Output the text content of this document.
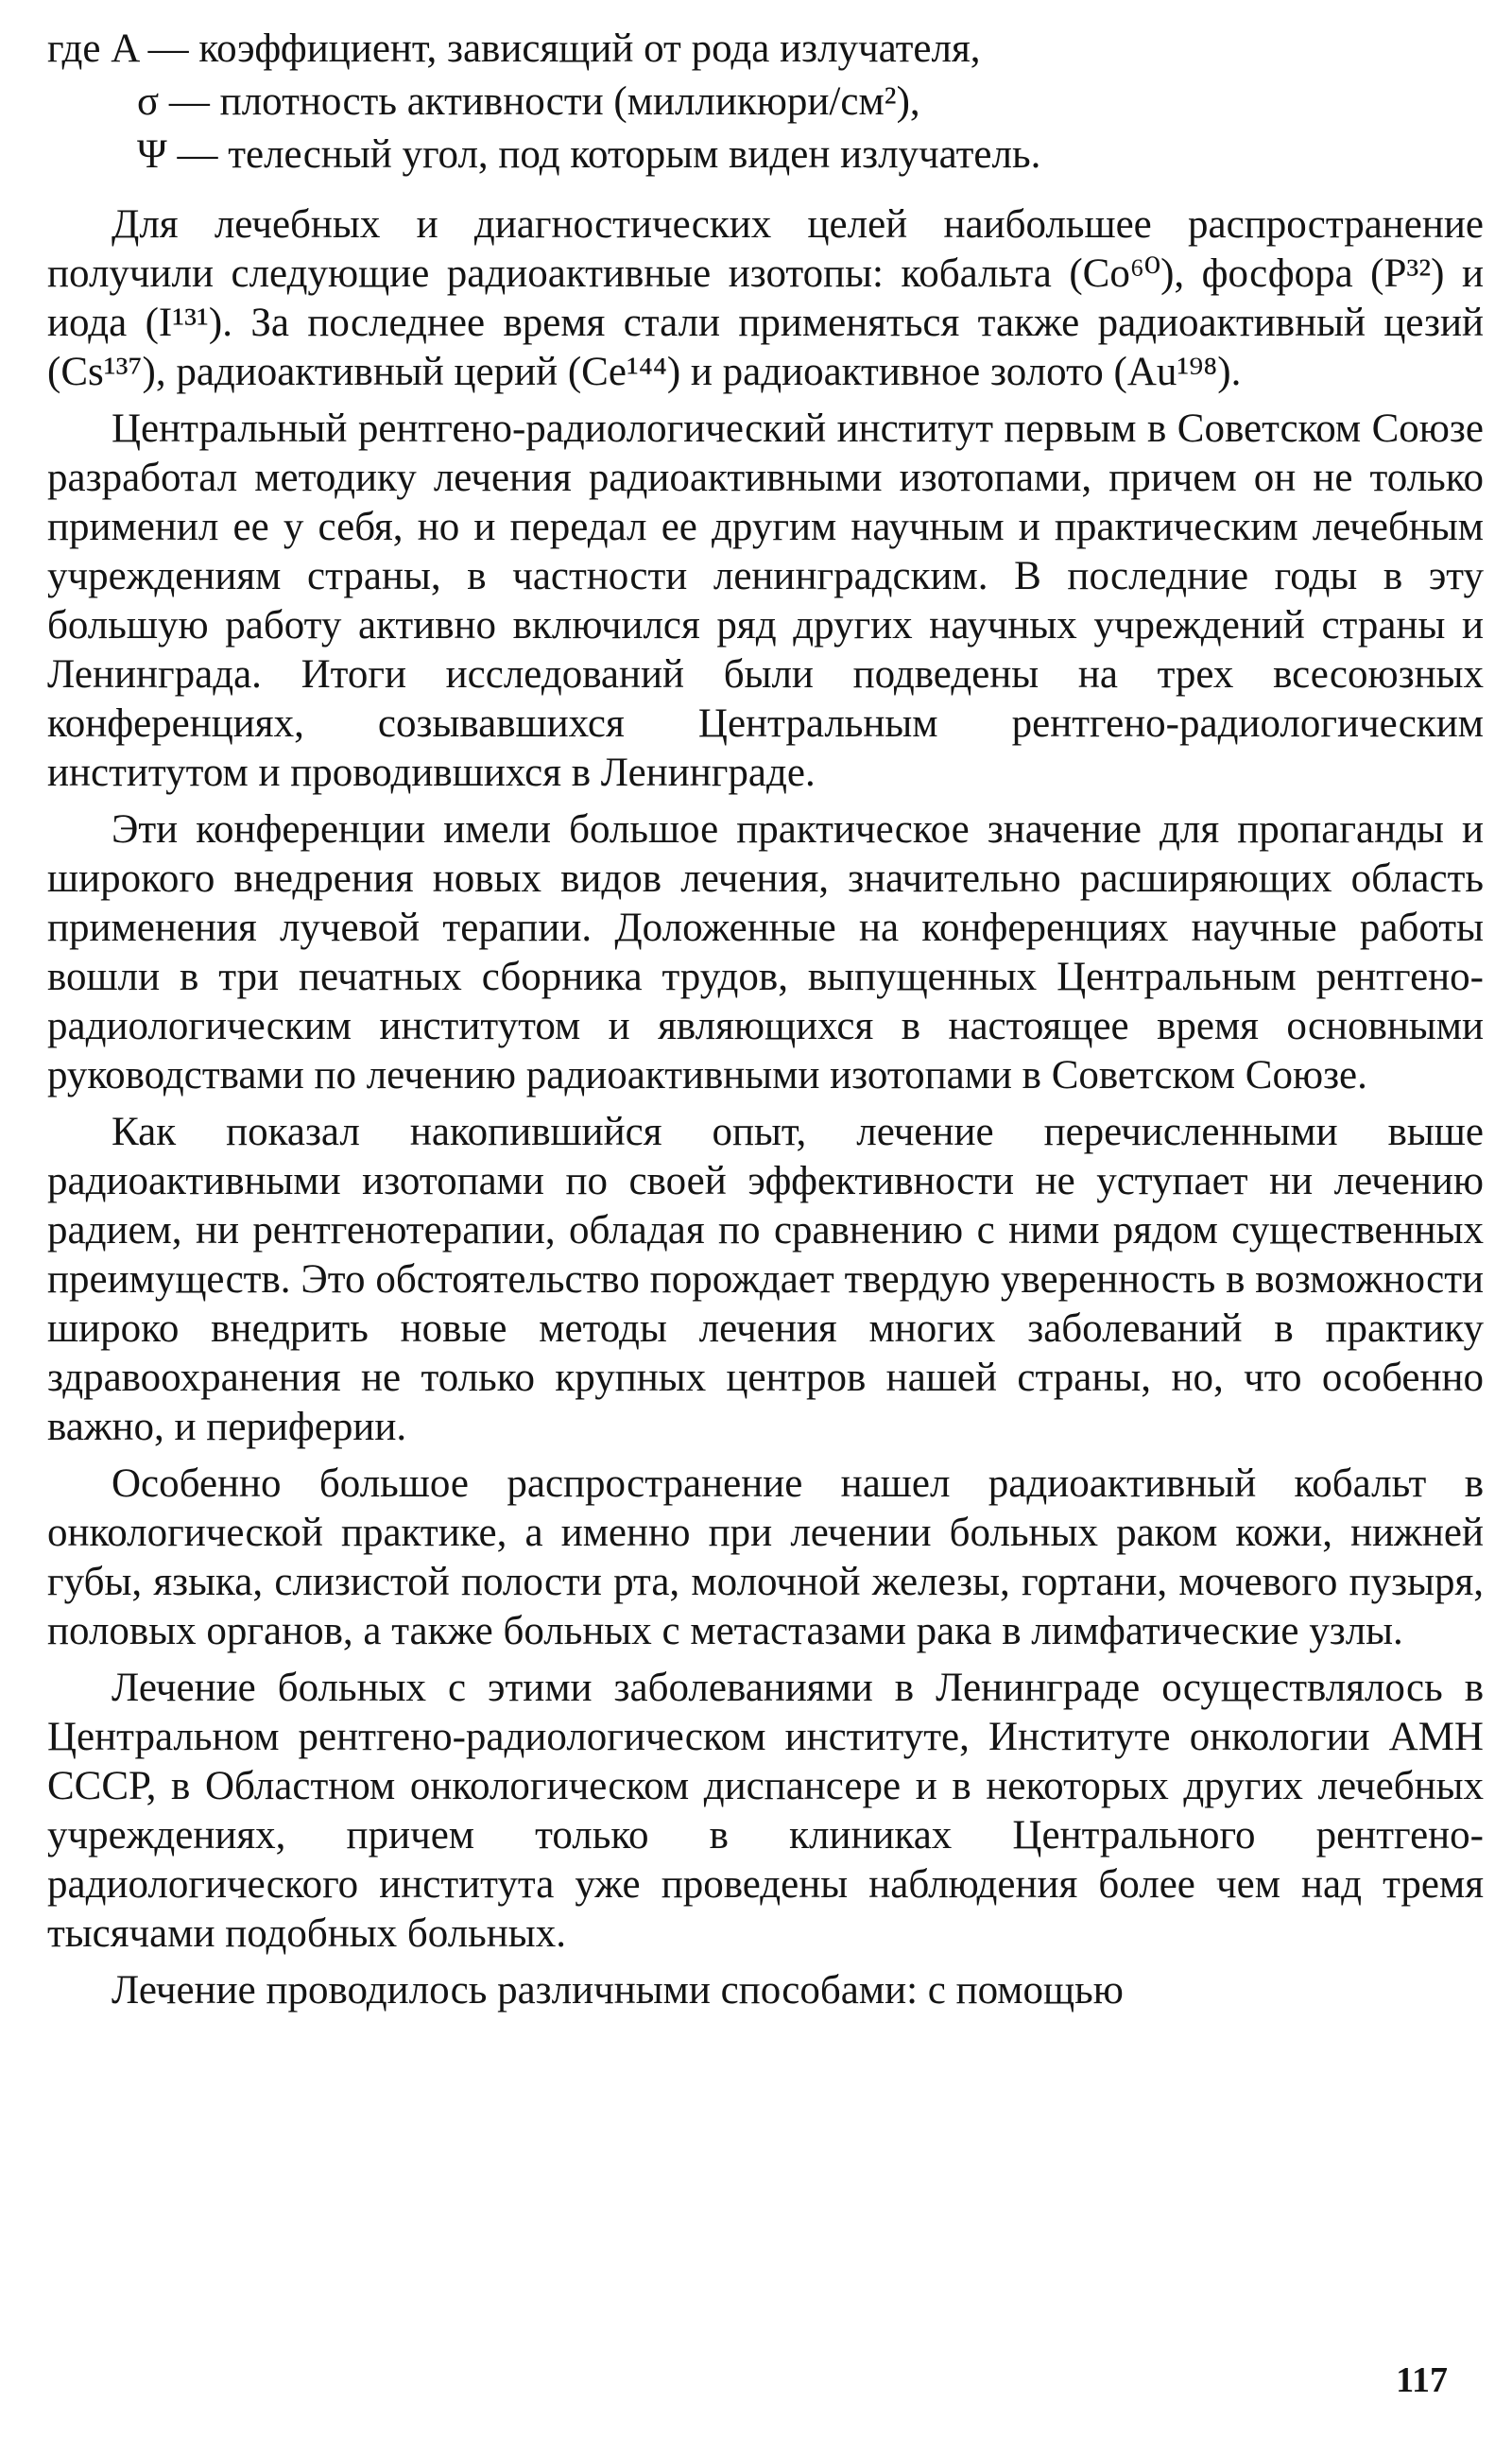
где A — коэффициент, зависящий от рода излучателя,
σ — плотность активности (милликюри/см²),
Ψ — телесный угол, под которым виден излучатель.

Для лечебных и диагностических целей наибольшее распространение получили следующие радиоактивные изотопы: кобальта (Co⁶⁰), фосфора (P³²) и иода (I¹³¹). За последнее время стали применяться также радиоактивный цезий (Cs¹³⁷), радиоактивный церий (Ce¹⁴⁴) и радиоактивное золото (Au¹⁹⁸).

Центральный рентгено-радиологический институт первым в Советском Союзе разработал методику лечения радиоактивными изотопами, причем он не только применил ее у себя, но и передал ее другим научным и практическим лечебным учреждениям страны, в частности ленинградским. В последние годы в эту большую работу активно включился ряд других научных учреждений страны и Ленинграда. Итоги исследований были подведены на трех всесоюзных конференциях, созывавшихся Центральным рентгено-радиологическим институтом и проводившихся в Ленинграде.

Эти конференции имели большое практическое значение для пропаганды и широкого внедрения новых видов лечения, значительно расширяющих область применения лучевой терапии. Доложенные на конференциях научные работы вошли в три печатных сборника трудов, выпущенных Центральным рентгено-радиологическим институтом и являющихся в настоящее время основными руководствами по лечению радиоактивными изотопами в Советском Союзе.

Как показал накопившийся опыт, лечение перечисленными выше радиоактивными изотопами по своей эффективности не уступает ни лечению радием, ни рентгенотерапии, обладая по сравнению с ними рядом существенных преимуществ. Это обстоятельство порождает твердую уверенность в возможности широко внедрить новые методы лечения многих заболеваний в практику здравоохранения не только крупных центров нашей страны, но, что особенно важно, и периферии.

Особенно большое распространение нашел радиоактивный кобальт в онкологической практике, а именно при лечении больных раком кожи, нижней губы, языка, слизистой полости рта, молочной железы, гортани, мочевого пузыря, половых органов, а также больных с метастазами рака в лимфатические узлы.

Лечение больных с этими заболеваниями в Ленинграде осуществлялось в Центральном рентгено-радиологическом институте, Институте онкологии АМН СССР, в Областном онкологическом диспансере и в некоторых других лечебных учреждениях, причем только в клиниках Центрального рентгено-радиологического института уже проведены наблюдения более чем над тремя тысячами подобных больных.

Лечение проводилось различными способами: с помощью

117
